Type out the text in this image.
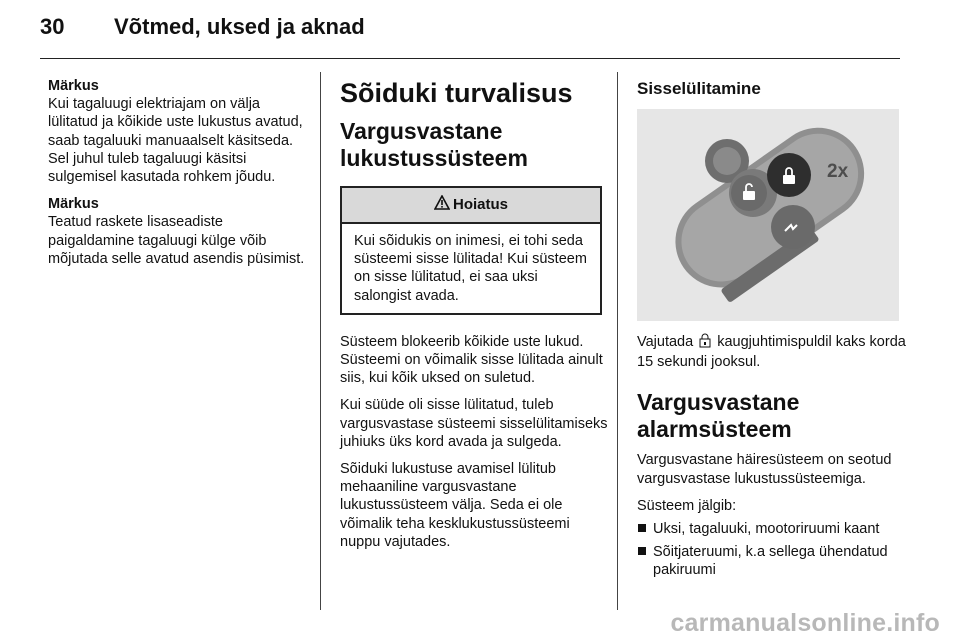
30 Võtmed, uksed ja aknad

Märkus

Kui tagaluugi elektriajam on välja lülitatud ja kõikide uste lukustus avatud, saab tagaluuki manuaalselt käsitseda. Sel juhul tuleb tagaluugi käsitsi sulgemisel kasutada rohkem jõudu.

Märkus

Teatud raskete lisaseadiste paigaldamine tagaluugi külge võib mõjutada selle avatud asendis püsimist.

Sõiduki turvalisus
Vargusvastane lukustussüsteem
Hoiatus
Kui sõidukis on inimesi, ei tohi seda süsteemi sisse lülitada! Kui süsteem on sisse lülitatud, ei saa uksi salongist avada.

Süsteem blokeerib kõikide uste lukud. Süsteemi on võimalik sisse lülitada ainult siis, kui kõik uksed on suletud.

Kui süüde oli sisse lülitatud, tuleb vargusvastase süsteemi sisselülitamiseks juhiuks üks kord avada ja sulgeda.

Sõiduki lukustuse avamisel lülitub mehaaniline vargusvastane lukustussüsteem välja. Seda ei ole võimalik teha kesklukustussüsteemi nuppu vajutades.

Sisselülitamine
2x

Vajutada  kaugjuhtimispuldil kaks korda 15 sekundi jooksul.

Vargusvastane alarmsüsteem

Vargusvastane häiresüsteem on seotud vargusvastase lukustussüsteemiga.

Süsteem jälgib:

Uksi, tagaluuki, mootoriruumi kaant
Sõitjateruumi, k.a sellega ühendatud pakiruumi
carmanualsonline.info
